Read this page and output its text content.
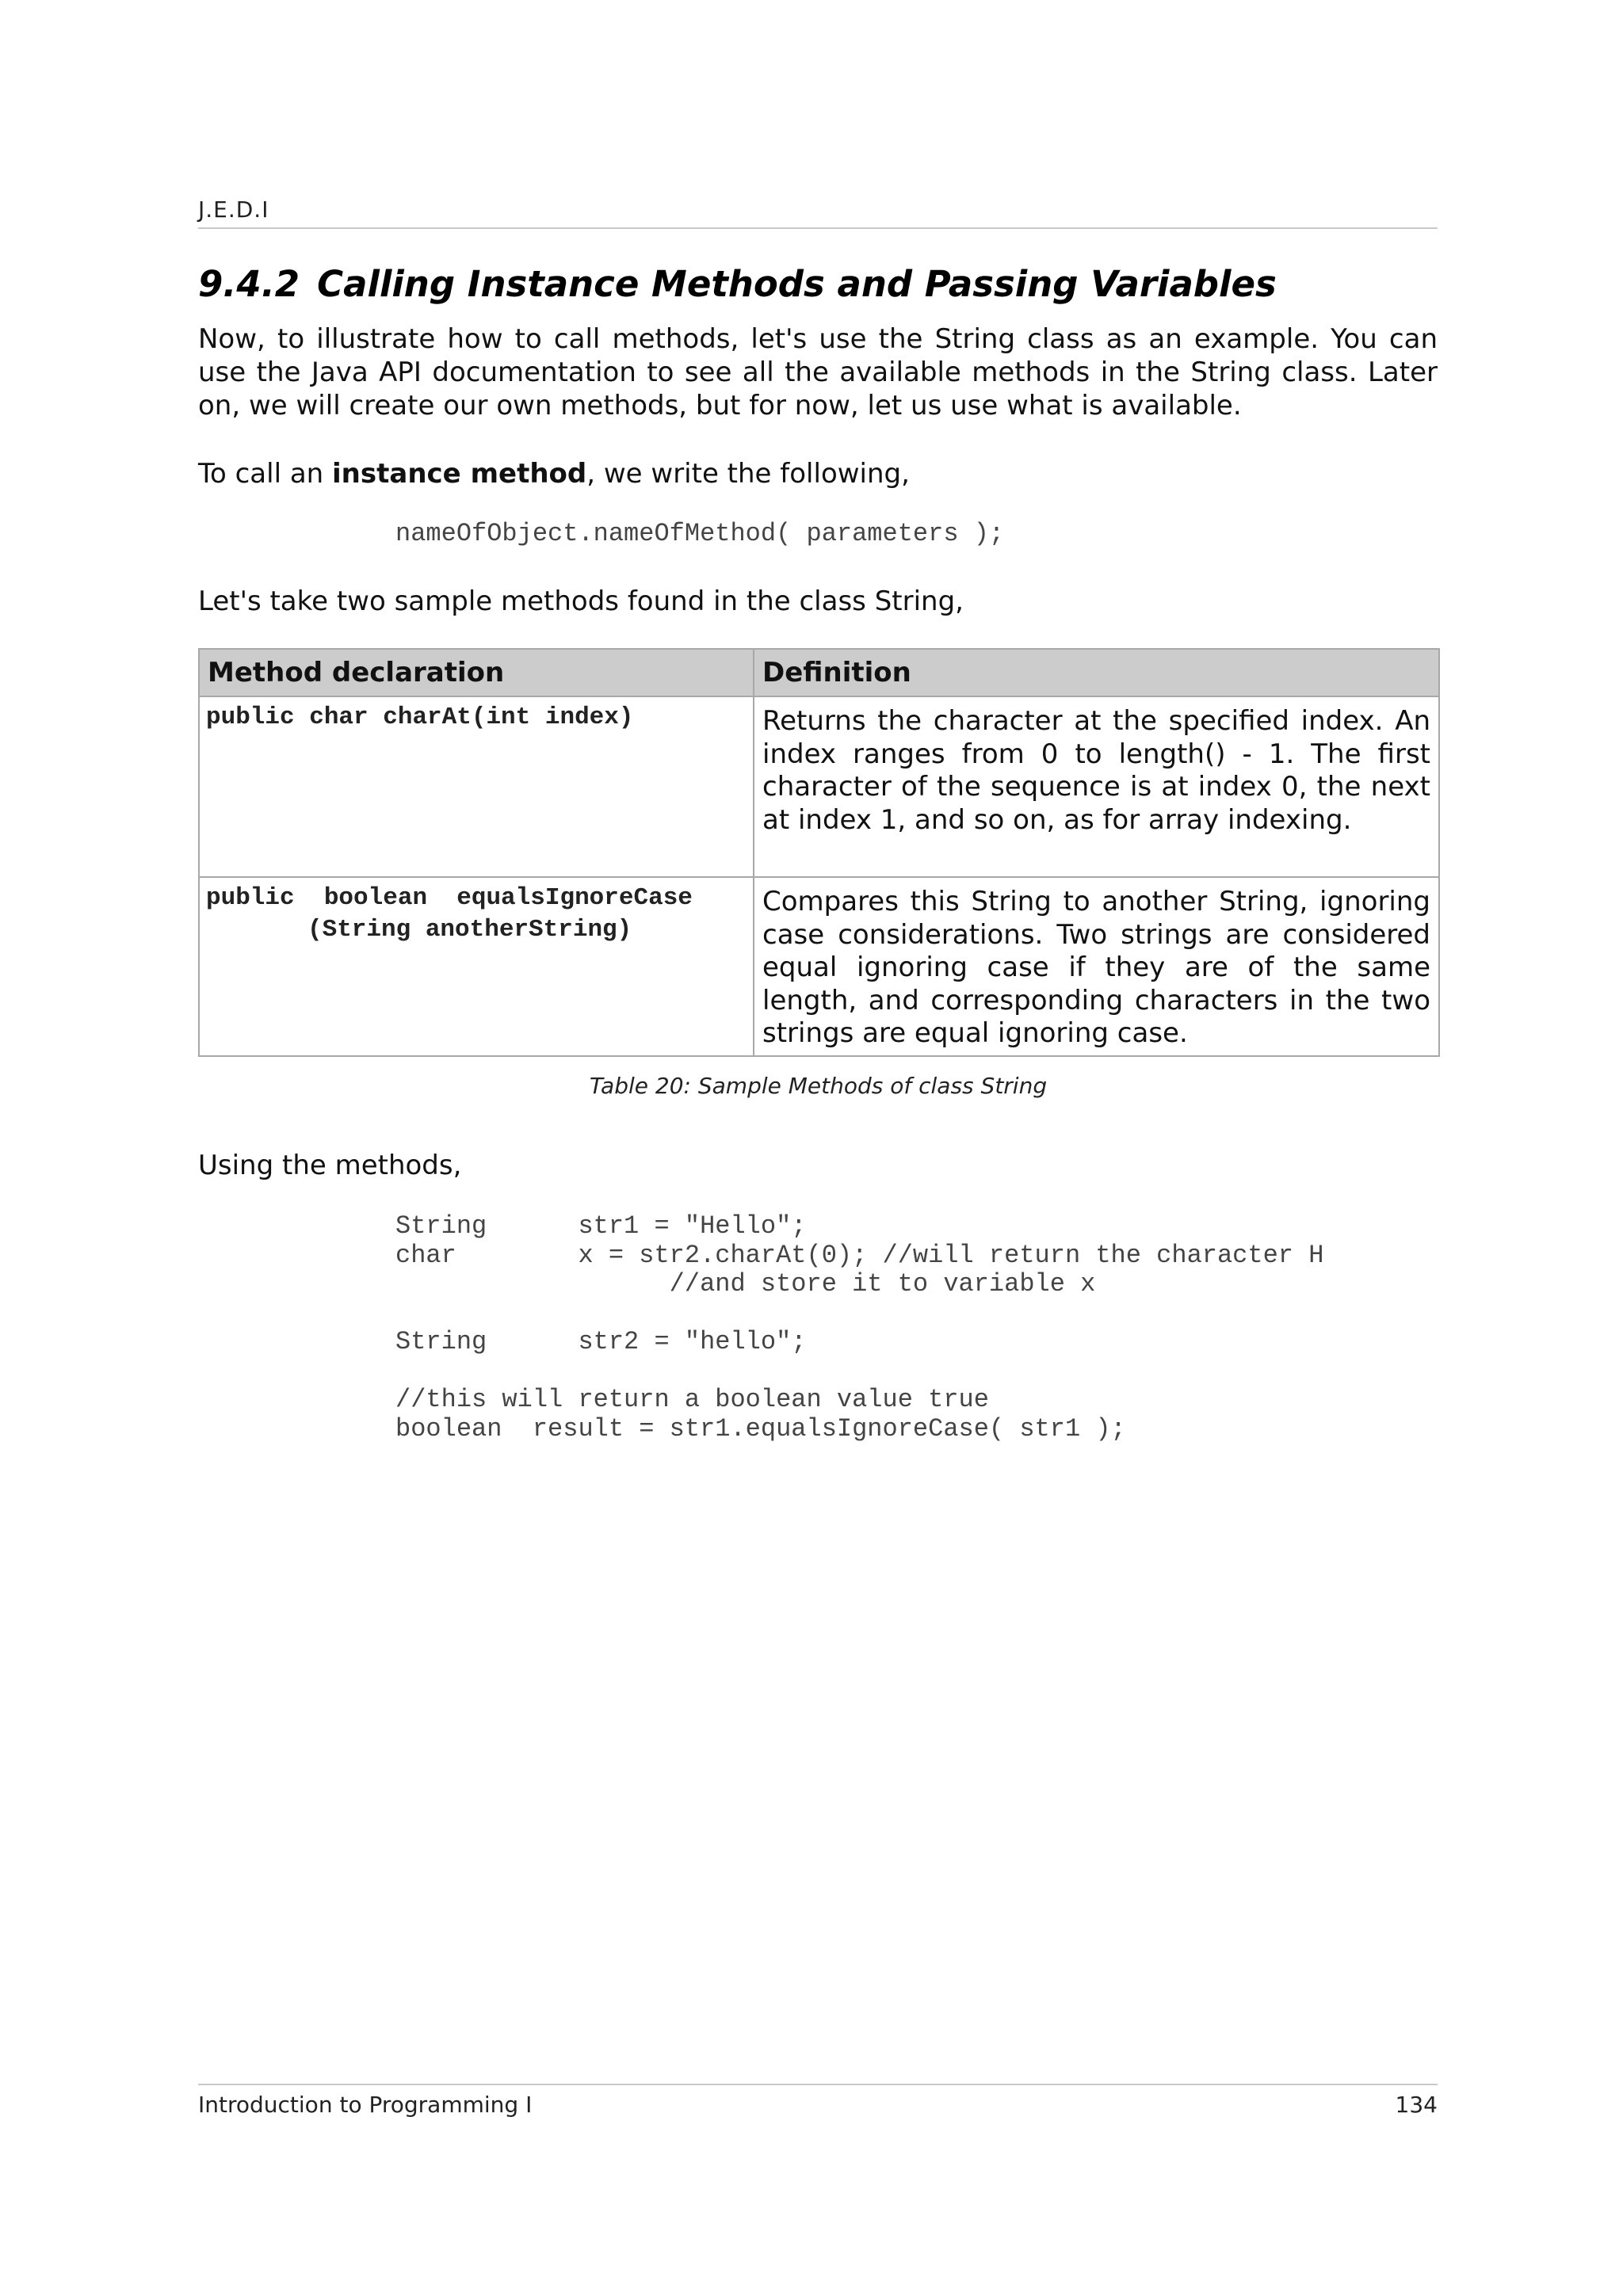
J.E.D.I
9.4.2 Calling Instance Methods and Passing Variables

Now, to illustrate how to call methods, let's use the String class as an example. You can use the Java API documentation to see all the available methods in the String class. Later on, we will create our own methods, but for now, let us use what is available.

To call an instance method, we write the following,

nameOfObject.nameOfMethod( parameters );

Let's take two sample methods found in the class String,

Method declaration	Definition
public char charAt(int index)	Returns the character at the specified index. An index ranges from 0 to length() - 1. The first character of the sequence is at index 0, the next at index 1, and so on, as for array indexing.
public  boolean  equalsIgnoreCase
(String anotherString)	Compares this String to another String, ignoring case considerations. Two strings are considered equal ignoring case if they are of the same length, and corresponding characters in the two strings are equal ignoring case.

Table 20: Sample Methods of class String

Using the methods,

String      str1 = "Hello";
char        x = str2.charAt(0); //will return the character H
//and store it to variable x

String      str2 = "hello";

//this will return a boolean value true
boolean  result = str1.equalsIgnoreCase( str1 );
Introduction to Programming I	134
